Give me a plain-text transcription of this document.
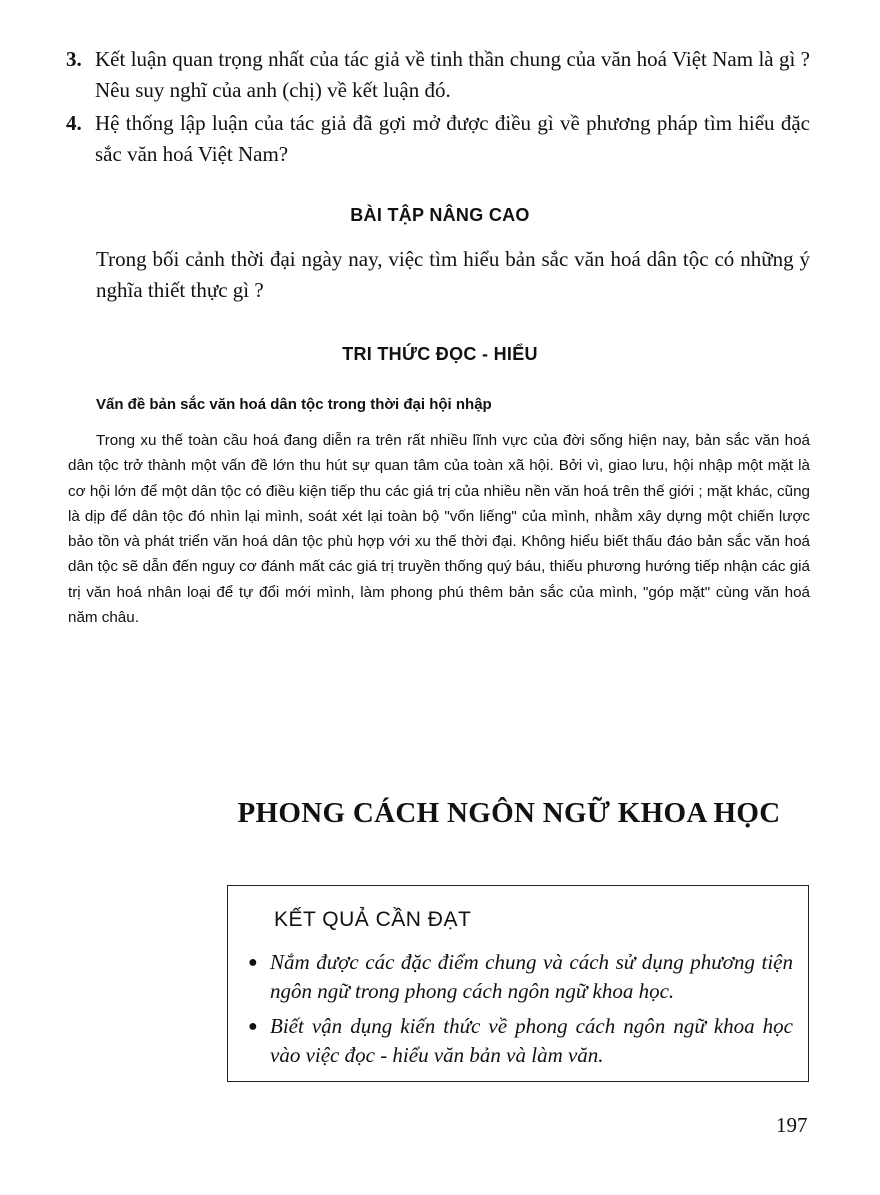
3. Kết luận quan trọng nhất của tác giả về tinh thần chung của văn hoá Việt Nam là gì ? Nêu suy nghĩ của anh (chị) về kết luận đó.
4. Hệ thống lập luận của tác giả đã gợi mở được điều gì về phương pháp tìm hiểu đặc sắc văn hoá Việt Nam?
BÀI TẬP NÂNG CAO
Trong bối cảnh thời đại ngày nay, việc tìm hiểu bản sắc văn hoá dân tộc có những ý nghĩa thiết thực gì ?
TRI THỨC ĐỌC - HIỂU
Vấn đề bản sắc văn hoá dân tộc trong thời đại hội nhập
Trong xu thế toàn cầu hoá đang diễn ra trên rất nhiều lĩnh vực của đời sống hiện nay, bản sắc văn hoá dân tộc trở thành một vấn đề lớn thu hút sự quan tâm của toàn xã hội. Bởi vì, giao lưu, hội nhập một mặt là cơ hội lớn để một dân tộc có điều kiện tiếp thu các giá trị của nhiều nền văn hoá trên thế giới ; mặt khác, cũng là dịp để dân tộc đó nhìn lại mình, soát xét lại toàn bộ "vốn liếng" của mình, nhằm xây dựng một chiến lược bảo tồn và phát triển văn hoá dân tộc phù hợp với xu thế thời đại. Không hiểu biết thấu đáo bản sắc văn hoá dân tộc sẽ dẫn đến nguy cơ đánh mất các giá trị truyền thống quý báu, thiếu phương hướng tiếp nhận các giá trị văn hoá nhân loại để tự đổi mới mình, làm phong phú thêm bản sắc của mình, "góp mặt" cùng văn hoá năm châu.
PHONG CÁCH NGÔN NGỮ KHOA HỌC
KẾT QUẢ CẦN ĐẠT
● Nắm được các đặc điểm chung và cách sử dụng phương tiện ngôn ngữ trong phong cách ngôn ngữ khoa học.
● Biết vận dụng kiến thức về phong cách ngôn ngữ khoa học vào việc đọc - hiểu văn bản và làm văn.
197
